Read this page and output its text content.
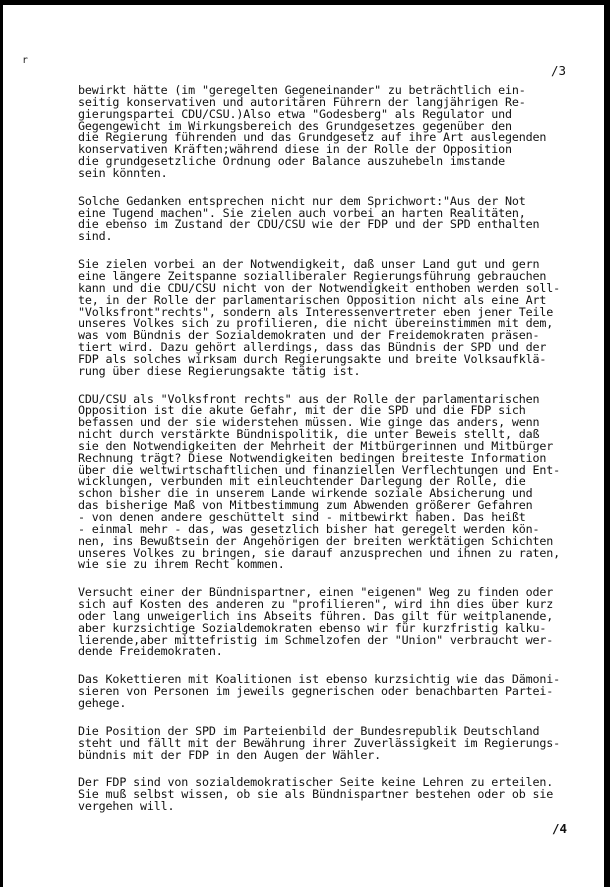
r
/3
bewirkt hätte (im "geregelten Gegeneinander" zu beträchtlich ein-
seitig konservativen und autoritären Führern der langjährigen Re-
gierungspartei CDU/CSU.)Also etwa "Godesberg" als Regulator und
Gegengewicht im Wirkungsbereich des Grundgesetzes gegenüber den
die Regierung führenden und das Grundgesetz auf ihre Art auslegenden
konservativen Kräften;während diese in der Rolle der Opposition
die grundgesetzliche Ordnung oder Balance auszuhebeln imstande
sein könnten.
Solche Gedanken entsprechen nicht nur dem Sprichwort:"Aus der Not
eine Tugend machen". Sie zielen auch vorbei an harten Realitäten,
die ebenso im Zustand der CDU/CSU wie der FDP und der SPD enthalten
sind.
Sie zielen vorbei an der Notwendigkeit, daß unser Land gut und gern
eine längere Zeitspanne sozialliberaler Regierungsführung gebrauchen
kann und die CDU/CSU nicht von der Notwendigkeit enthoben werden soll-
te, in der Rolle der parlamentarischen Opposition nicht als eine Art
"Volksfront"rechts", sondern als Interessenvertreter eben jener Teile
unseres Volkes sich zu profilieren, die nicht übereinstimmen mit dem,
was vom Bündnis der Sozialdemokraten und der Freidemokraten präsen-
tiert wird. Dazu gehört allerdings, dass das Bündnis der SPD und der
FDP als solches wirksam durch Regierungsakte und breite Volksaufklä-
rung über diese Regierungsakte tätig ist.
CDU/CSU als "Volksfront rechts" aus der Rolle der parlamentarischen
Opposition ist die akute Gefahr, mit der die SPD und die FDP sich
befassen und der sie widerstehen müssen. Wie ginge das anders, wenn
nicht durch verstärkte Bündnispolitik, die unter Beweis stellt, daß
sie den Notwendigkeiten der Mehrheit der Mitbürgerinnen und Mitbürger
Rechnung trägt? Diese Notwendigkeiten bedingen breiteste Information
über die weltwirtschaftlichen und finanziellen Verflechtungen und Ent-
wicklungen, verbunden mit einleuchtender Darlegung der Rolle, die
schon bisher die in unserem Lande wirkende soziale Absicherung und
das bisherige Maß von Mitbestimmung zum Abwenden größerer Gefahren
- von denen andere geschüttelt sind - mitbewirkt haben. Das heißt
- einmal mehr - das, was gesetzlich bisher hat geregelt werden kön-
nen, ins Bewußtsein der Angehörigen der breiten werktätigen Schichten
unseres Volkes zu bringen, sie darauf anzusprechen und ihnen zu raten,
wie sie zu ihrem Recht kommen.
Versucht einer der Bündnispartner, einen "eigenen" Weg zu finden oder
sich auf Kosten des anderen zu "profilieren", wird ihn dies über kurz
oder lang unweigerlich ins Abseits führen. Das gilt für weitplanende,
aber kurzsichtige Sozialdemokraten ebenso wir für kurzfristig kalku-
lierende,aber mittefristig im Schmelzofen der "Union" verbraucht wer-
dende Freidemokraten.
Das Kokettieren mit Koalitionen ist ebenso kurzsichtig wie das Dämoni-
sieren von Personen im jeweils gegnerischen oder benachbarten Partei-
gehege.
Die Position der SPD im Parteienbild der Bundesrepublik Deutschland
steht und fällt mit der Bewährung ihrer Zuverlässigkeit im Regierungs-
bündnis mit der FDP in den Augen der Wähler.
Der FDP sind von sozialdemokratischer Seite keine Lehren zu erteilen.
Sie muß selbst wissen, ob sie als Bündnispartner bestehen oder ob sie
vergehen will.
/4
